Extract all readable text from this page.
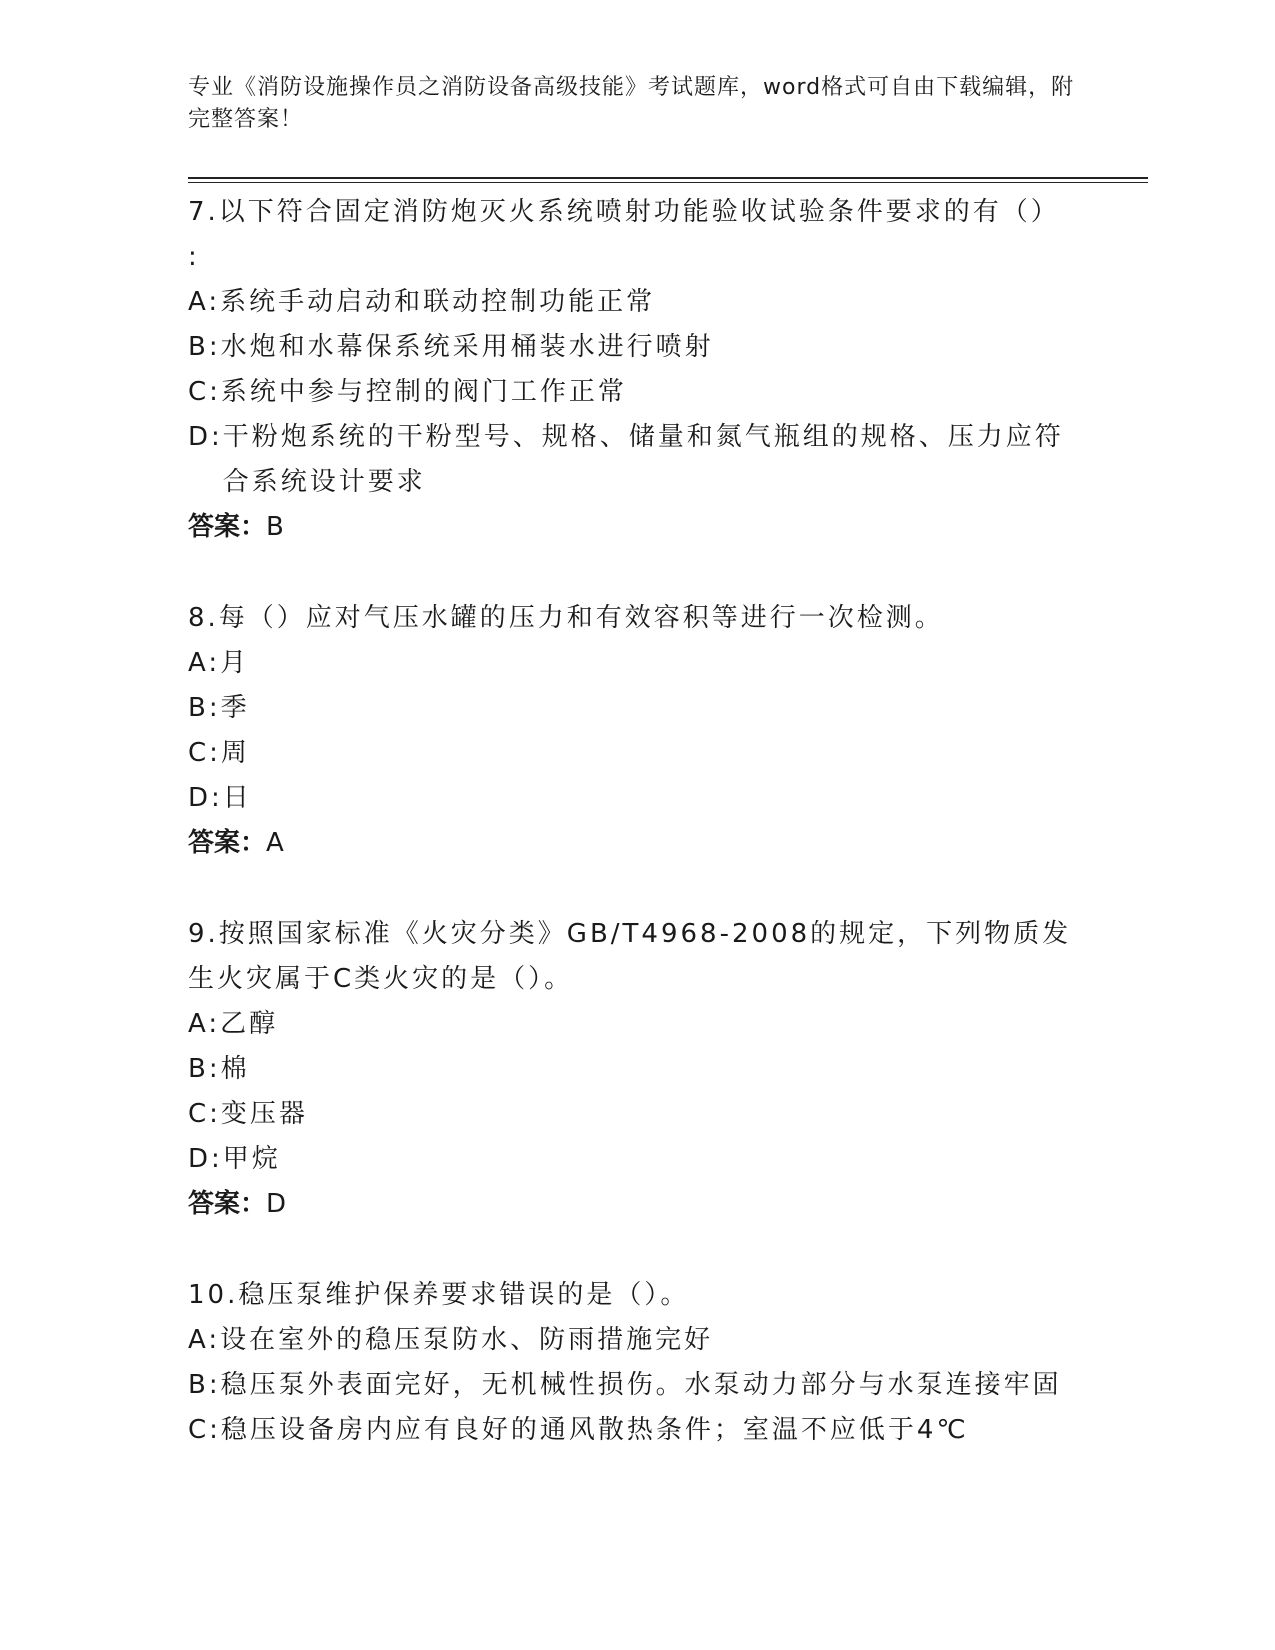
专业《消防设施操作员之消防设备高级技能》考试题库，word格式可自由下载编辑，附完整答案！
7.以下符合固定消防炮灭火系统喷射功能验收试验条件要求的有（）
:
A: 系统手动启动和联动控制功能正常
B: 水炮和水幕保系统采用桶装水进行喷射
C: 系统中参与控制的阀门工作正常
D: 干粉炮系统的干粉型号、规格、储量和氮气瓶组的规格、压力应符合系统设计要求
答案：B
8.每（）应对气压水罐的压力和有效容积等进行一次检测。
A: 月
B: 季
C: 周
D: 日
答案：A
9.按照国家标准《火灾分类》GB/T4968-2008的规定，下列物质发生火灾属于C类火灾的是（）。
A: 乙醇
B: 棉
C: 变压器
D: 甲烷
答案：D
10.稳压泵维护保养要求错误的是（）。
A: 设在室外的稳压泵防水、防雨措施完好
B: 稳压泵外表面完好，无机械性损伤。水泵动力部分与水泵连接牢固
C: 稳压设备房内应有良好的通风散热条件；室温不应低于4℃
